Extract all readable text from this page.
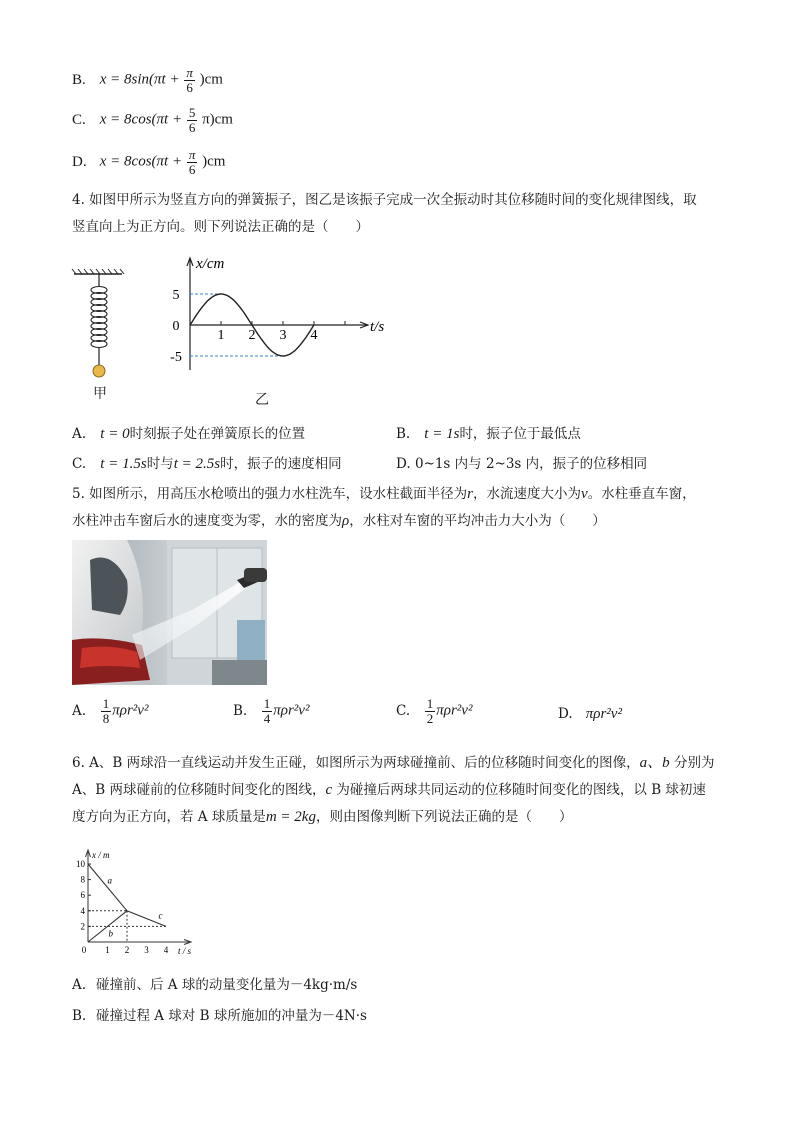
B. $x = 8\sin(\pi t + \frac{\pi}{6} )cm$
C. $x = 8\cos(\pi t + \frac{5}{6} \pi)cm$
D. $x = 8\cos(\pi t + \frac{\pi}{6} )cm$
4. 如图甲所示为竖直方向的弹簧振子，图乙是该振子完成一次全振动时其位移随时间的变化规律图线，取
竖直向上为正方向。则下列说法正确的是（　　）
甲
x/cm
t/s
5
0
-5
1 2 3 4
乙
A. t = 0时刻振子处在弹簧原长的位置	B. t = 1s时，振子位于最低点
C. t = 1.5s时与t = 2.5s时，振子的速度相同	D. 0~1s 内与 2~3s 内，振子的位移相同
5. 如图所示，用高压水枪喷出的强力水柱洗车，设水柱截面半径为r，水流速度大小为v。水柱垂直车窗，
水柱冲击车窗后水的速度变为零，水的密度为ρ，水柱对车窗的平均冲击力大小为（　　）
A. $\frac{1}{8} \pi\rho r^2v^2$	B. $\frac{1}{4} \pi\rho r^2v^2$	C. $\frac{1}{2} \pi\rho r^2v^2$	D. πρr²v²
6. A、B 两球沿一直线运动并发生正碰，如图所示为两球碰撞前、后的位移随时间变化的图像，a、b 分别为
A、B 两球碰前的位移随时间变化的图线，c 为碰撞后两球共同运动的位移随时间变化的图线，以 B 球初速
度方向为正方向，若 A 球质量是m = 2kg，则由图像判断下列说法正确的是（　　）
x / m
t / s
10
8
6
4
2
0 1 2 3 4
a
b
c
A. 碰撞前、后 A 球的动量变化量为－4kg·m/s
B. 碰撞过程 A 球对 B 球所施加的冲量为－4N·s
